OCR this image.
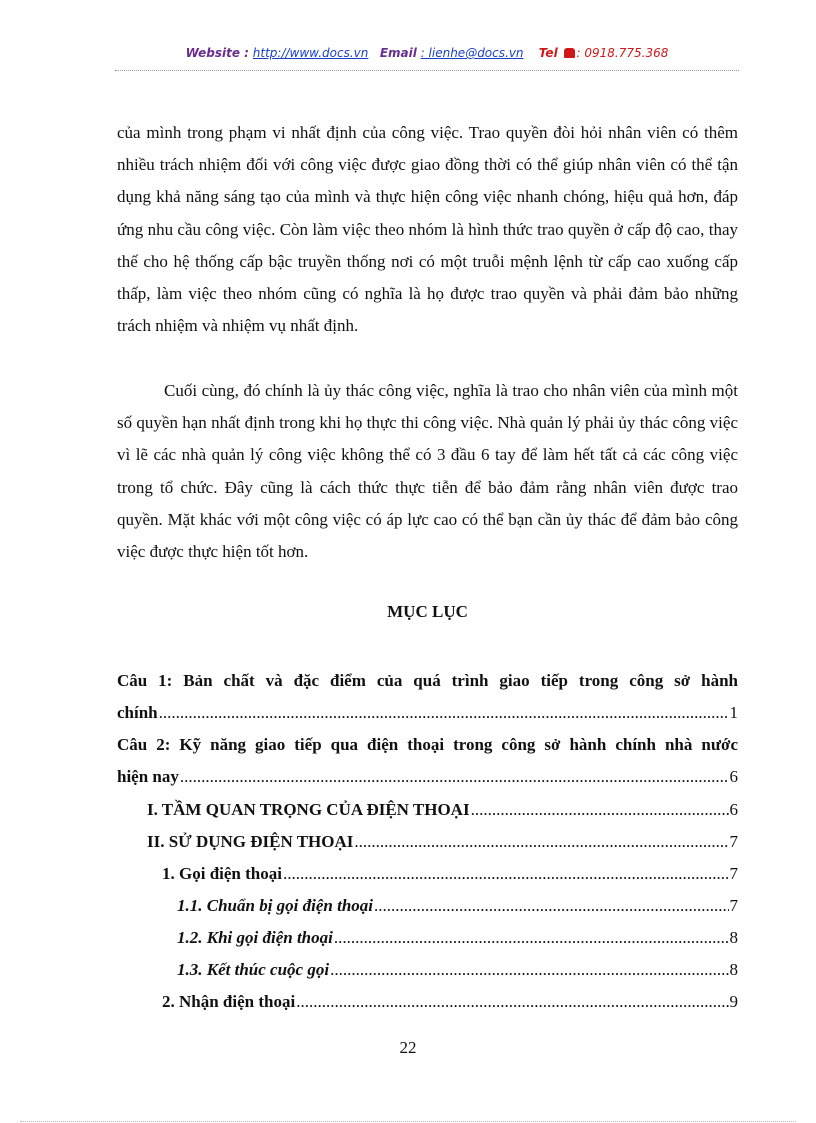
Website : http://www.docs.vn Email : lienhe@docs.vn Tel : 0918.775.368

của mình trong phạm vi nhất định của công việc. Trao quyền đòi hỏi nhân viên có thêm nhiều trách nhiệm đối với công việc được giao đồng thời có thể giúp nhân viên có thể tận dụng khả năng sáng tạo của mình và thực hiện công việc nhanh chóng, hiệu quả hơn, đáp ứng nhu cầu công việc. Còn làm việc theo nhóm là hình thức trao quyền ở cấp độ cao, thay thế cho hệ thống cấp bậc truyền thống nơi có một truỗi mệnh lệnh từ cấp cao xuống cấp thấp, làm việc theo nhóm cũng có nghĩa là họ được trao quyền và phải đảm bảo những trách nhiệm và nhiệm vụ nhất định.

Cuối cùng, đó chính là ủy thác công việc, nghĩa là trao cho nhân viên của mình một số quyền hạn nhất định trong khi họ thực thi công việc. Nhà quản lý phải ủy thác công việc vì lẽ các nhà quản lý công việc không thể có 3 đầu 6 tay để làm hết tất cả các công việc trong tổ chức. Đây cũng là cách thức thực tiễn để bảo đảm rằng nhân viên được trao quyền. Mặt khác với một công việc có áp lực cao có thể bạn cần ủy thác để đảm bảo công việc được thực hiện tốt hơn.

MỤC LỤC
Câu 1: Bản chất và đặc điểm của quá trình giao tiếp trong công sở hành
chính .....	1
Câu 2: Kỹ năng giao tiếp qua điện thoại trong công sở hành chính nhà nước
hiện nay .....	6
I. TẦM QUAN TRỌNG CỦA ĐIỆN THOẠI .....	6
II. SỬ DỤNG ĐIỆN THOẠI .....	7
1. Gọi điện thoại .....	7
1.1. Chuẩn bị gọi điện thoại .....	7
1.2. Khi gọi điện thoại .....	8
1.3. Kết thúc cuộc gọi .....	8
2. Nhận điện thoại .....	9
22
